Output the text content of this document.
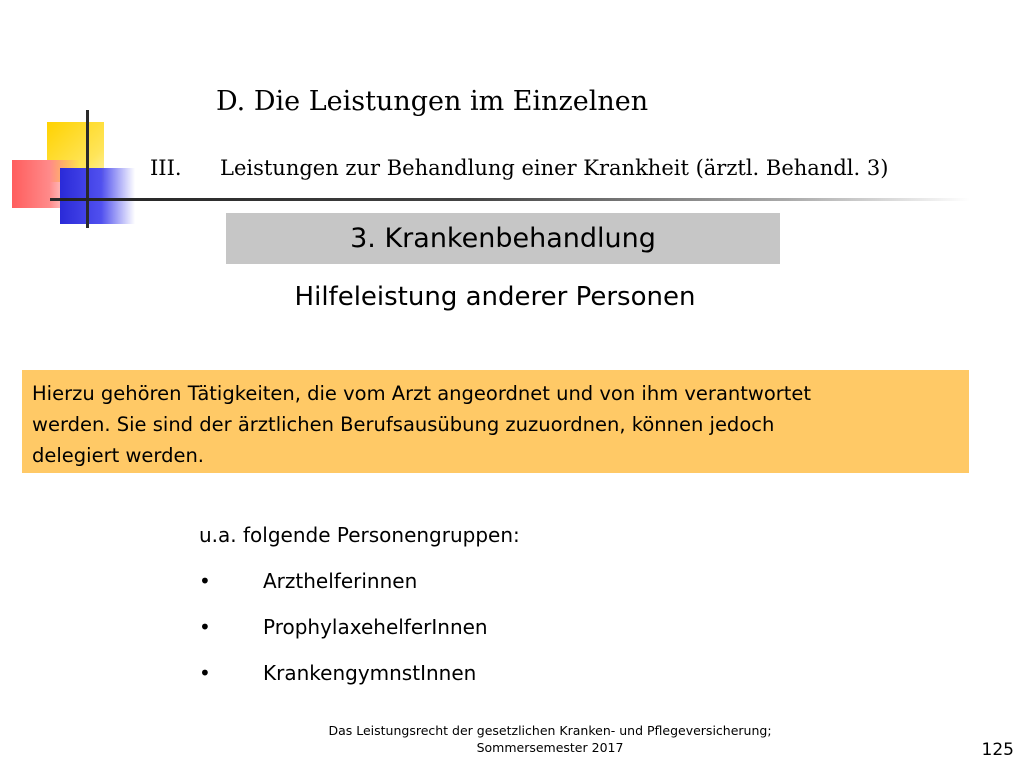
D. Die Leistungen im Einzelnen
III. Leistungen zur Behandlung einer Krankheit (ärztl. Behandl. 3)
3. Krankenbehandlung
Hilfeleistung anderer Personen
Hierzu gehören Tätigkeiten, die vom Arzt angeordnet und von ihm verantwortet
werden. Sie sind der ärztlichen Berufsausübung zuzuordnen, können jedoch
delegiert werden.
u.a. folgende Personengruppen:
•	Arzthelferinnen
•	ProphylaxehelferInnen
•	KrankengymnstInnen
Das Leistungsrecht der gesetzlichen Kranken- und Pflegeversicherung;
Sommersemester 2017	125
